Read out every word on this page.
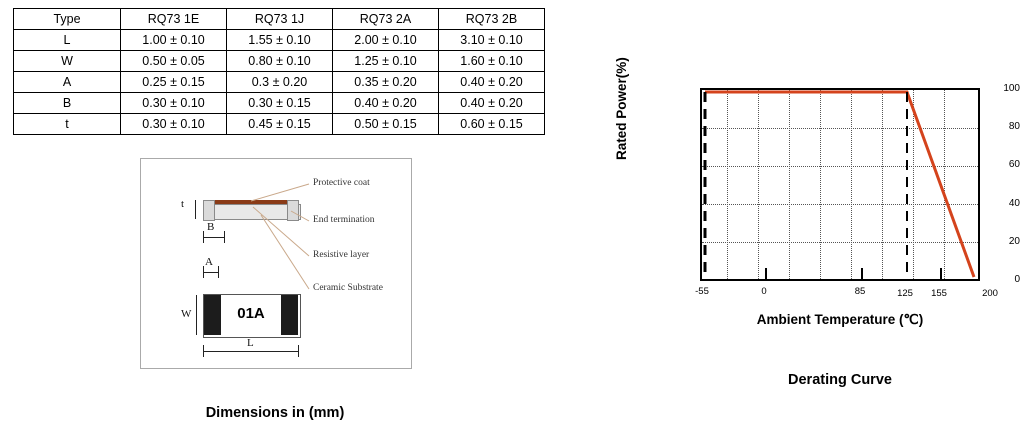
Type	RQ73 1E	RQ73 1J	RQ73 2A	RQ73 2B
L	1.00 ± 0.10	1.55 ± 0.10	2.00 ± 0.10	3.10 ± 0.10
W	0.50 ± 0.05	0.80 ± 0.10	1.25 ± 0.10	1.60 ± 0.10
A	0.25 ± 0.15	0.3 ± 0.20	0.35 ± 0.20	0.40 ± 0.20
B	0.30 ± 0.10	0.30 ± 0.15	0.40 ± 0.20	0.40 ± 0.20
t	0.30 ± 0.10	0.45 ± 0.15	0.50 ± 0.15	0.60 ± 0.15
t
B
A
01A
W
L
Protective coat
End termination
Resistive layer
Ceramic Substrate
Dimensions in (mm)
Rated Power(%)	100
80
60
40
20
0
-55	0	85	125	155	200
Ambient Temperature (℃)
Derating Curve
